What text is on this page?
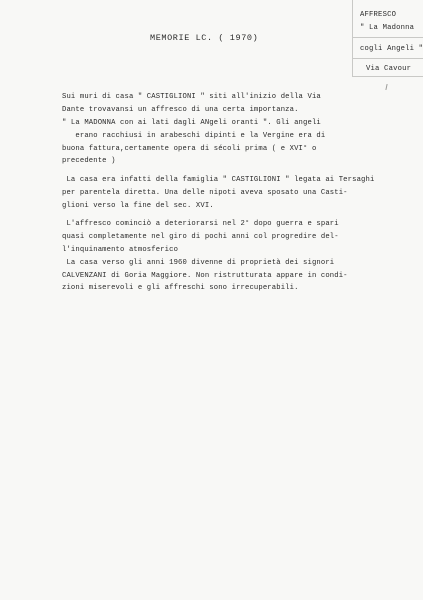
MEMORIE LC. ( 1970)
AFFRESCO
" La Madonna
cogli Angeli "
Via Cavour
Sui muri di casa " CASTIGLIONI " siti all'inizio della Via
Dante trovavansi un affresco di una certa importanza.
" La MADONNA con ai lati dagli ANgeli oranti ". Gli angeli
erano racchiusi in arabeschi dipinti e la Vergine era di
buona fattura,certamente opera di sécoli prima ( e XVI° o
precedente )
La casa era infatti della famiglia " CASTIGLIONI " legata ai Tersaghi
per parentela diretta. Una delle nipoti aveva sposato una Casti-
glioni verso la fine del sec. XVI.
L'affresco cominciò a deteriorarsi nel 2° dopo guerra e spari
quasi completamente nel giro di pochi anni col progredire del-
l'inquinamento atmosferico
La casa verso gli anni 1960 divenne di proprietà dei signori
CALVENZANI di Goria Maggiore. Non ristrutturata appare in condi-
zioni miserevoli e gli affreschi sono irrecuperabili.
